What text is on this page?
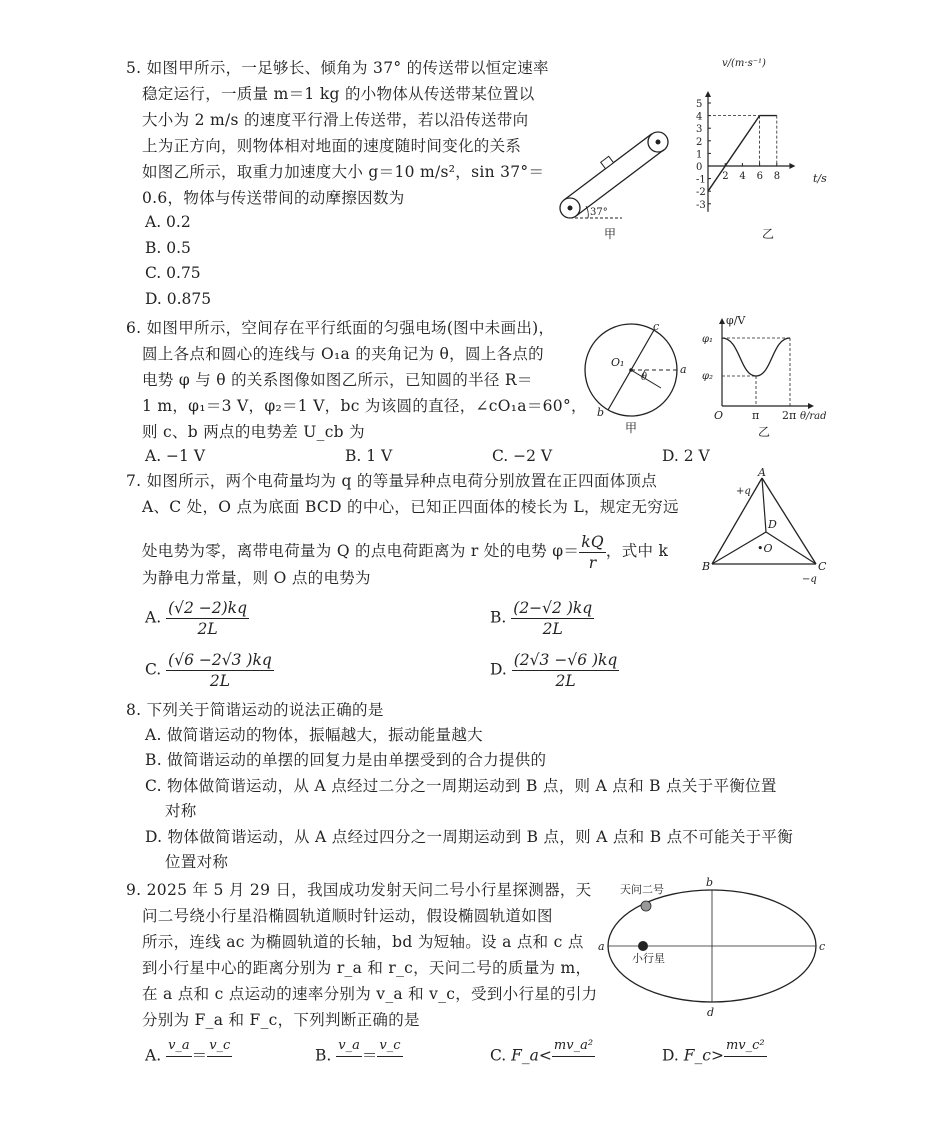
5. 如图甲所示，一足够长、倾角为 37° 的传送带以恒定速率
稳定运行，一质量 m＝1 kg 的小物体从传送带某位置以
大小为 2 m/s 的速度平行滑上传送带，若以沿传送带向
上为正方向，则物体相对地面的速度随时间变化的关系
如图乙所示，取重力加速度大小 g＝10 m/s²，sin 37°＝
0.6，物体与传送带间的动摩擦因数为
A. 0.2
B. 0.5
C. 0.75
D. 0.875
37°
甲
5
4
3
2
1
0
-1
-2
-3
2 4 6 8
v/(m·s⁻¹)
t/s
乙
6. 如图甲所示，空间存在平行纸面的匀强电场(图中未画出)，
圆上各点和圆心的连线与 O₁a 的夹角记为 θ，圆上各点的
电势 φ 与 θ 的关系图像如图乙所示，已知圆的半径 R＝
1 m，φ₁＝3 V，φ₂＝1 V，bc 为该圆的直径，∠cO₁a＝60°，
则 c、b 两点的电势差 U_cb 为
A. −1 V	B. 1 V	C. −2 V	D. 2 V
c
O₁
θ
a
b
甲
φ/V
φ₁
φ₂
O	π 2π θ/rad
乙
7. 如图所示，两个电荷量均为 q 的等量异种点电荷分别放置在正四面体顶点
A、C 处，O 点为底面 BCD 的中心，已知正四面体的棱长为 L，规定无穷远
处电势为零，离带电荷量为 Q 的点电荷距离为 r 处的电势 $\varphi= \frac{kQ}{r}$ ，式中 k
为静电力常量，则 O 点的电势为
A. $\frac{(√2 -2)kq}{2L}$	B. $\frac{(2-√2 )kq}{2L}$
C. $\frac{(√6 -2√3 )kq}{2L}$	D. $\frac{(2√3 -√6 )kq}{2L}$
A
+q
D
•O
B	C
−q
8. 下列关于简谐运动的说法正确的是
A. 做简谐运动的物体，振幅越大，振动能量越大
B. 做简谐运动的单摆的回复力是由单摆受到的合力提供的
C. 物体做简谐运动，从 A 点经过二分之一周期运动到 B 点，则 A 点和 B 点关于平衡位置
对称
D. 物体做简谐运动，从 A 点经过四分之一周期运动到 B 点，则 A 点和 B 点不可能关于平衡
位置对称
9. 2025 年 5 月 29 日，我国成功发射天问二号小行星探测器，天
问二号绕小行星沿椭圆轨道顺时针运动，假设椭圆轨道如图
所示，连线 ac 为椭圆轨道的长轴，bd 为短轴。设 a 点和 c 点
到小行星中心的距离分别为 r_a 和 r_c，天问二号的质量为 m，
在 a 点和 c 点运动的速率分别为 v_a 和 v_c，受到小行星的引力
分别为 F_a 和 F_c，下列判断正确的是
A.
v_a

＝
v_c

B.
v_a

＝
v_c

C. F_a<
mv_a²

D. F_c>
mv_c²

天问二号
小行星
a
b
c
d
